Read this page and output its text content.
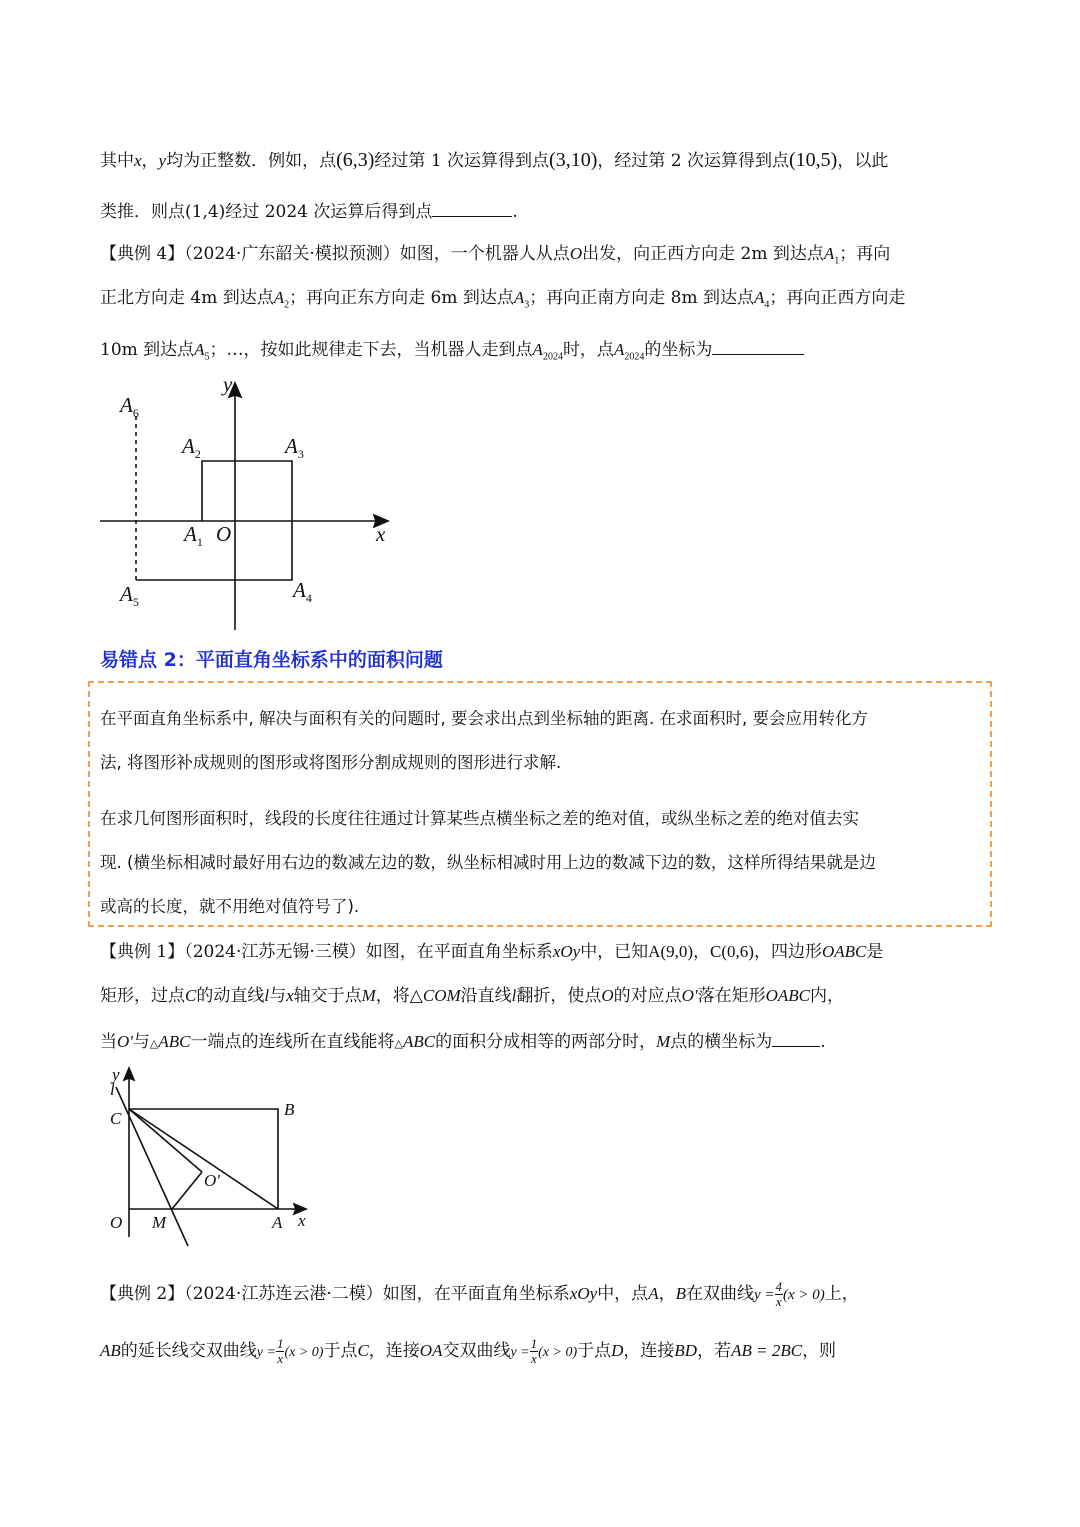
其中x，y均为正整数．例如，点(6,3)经过第 1 次运算得到点(3,10)，经过第 2 次运算得到点(10,5)，以此
类推．则点(1,4)经过 2024 次运算后得到点	.
【典例 4】（2024·广东韶关·模拟预测）如图，一个机器人从点O出发，向正西方向走 2m 到达点$A_1$；再向
正北方向走 4m 到达点$A_2$；再向正东方向走 6m 到达点$A_3$；再向正南方向走 8m 到达点$A_4$；再向正西方向走
10m 到达点$A_5$；…，按如此规律走下去，当机器人走到点$A_{2024}$时，点$A_{2024}$的坐标为
y
x
O
$A_6$
$A_2$	$A_3$
$A_1$
$A_4$
$A_5$
易错点 2：平面直角坐标系中的面积问题

在平面直角坐标系中, 解决与面积有关的问题时, 要会求出点到坐标轴的距离. 在求面积时, 要会应用转化方

法, 将图形补成规则的图形或将图形分割成规则的图形进行求解.

在求几何图形面积时，线段的长度往往通过计算某些点横坐标之差的绝对值，或纵坐标之差的绝对值去实

现. (横坐标相减时最好用右边的数减左边的数，纵坐标相减时用上边的数减下边的数，这样所得结果就是边

或高的长度，就不用绝对值符号了).

【典例 1】（2024·江苏无锡·三模）如图，在平面直角坐标系xOy中，已知A(9,0)，C(0,6)，四边形OABC是
矩形，过点C的动直线l与x轴交于点M，将△COM沿直线l翻折，使点O的对应点O'落在矩形OABC内，
当O'与△ABC一端点的连线所在直线能将△ABC的面积分成相等的两部分时，M点的横坐标为	.
y
l
C	B
O'
O M	A x
【典例 2】（2024·江苏连云港·二模）如图，在平面直角坐标系xOy中，点A，B在双曲线$y = \frac{4}{x} (x > 0)$上，
AB的延长线交双曲线$y = \frac{1}{x} (x > 0)$于点C，连接OA交双曲线$y = \frac{1}{x} (x > 0)$于点D，连接BD，若AB = 2BC，则
